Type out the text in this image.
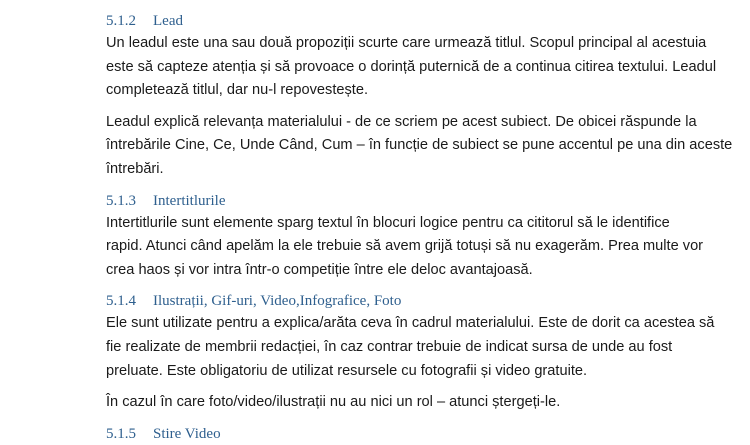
5.1.2	Lead

Un leadul este una sau două propoziții scurte care urmează titlul. Scopul principal al acestuia
este să capteze atenția și să provoace o dorință puternică de a continua citirea textului. Leadul
completează titlul, dar nu-l repovestește.

Leadul explică relevanța materialului - de ce scriem pe acest subiect. De obicei răspunde la
întrebările Cine, Ce, Unde Când, Cum – în funcție de subiect se pune accentul pe una din aceste
întrebări.

5.1.3	Intertitlurile

Intertitlurile sunt elemente sparg textul în blocuri logice pentru ca cititorul să le identifice
rapid. Atunci când apelăm la ele trebuie să avem grijă totuși să nu exagerăm. Prea multe vor
crea haos și vor intra într-o competiție între ele deloc avantajoasă.

5.1.4	Ilustrații, Gif-uri, Video,Infografice, Foto

Ele sunt utilizate pentru a explica/arăta ceva în cadrul materialului. Este de dorit ca acestea să
fie realizate de membrii redacției, în caz contrar trebuie de indicat sursa de unde au fost
preluate. Este obligatoriu de utilizat resursele cu fotografii și video gratuite.

În cazul în care foto/video/ilustrații nu au nici un rol – atunci ștergeți-le.

5.1.5	Stire Video
